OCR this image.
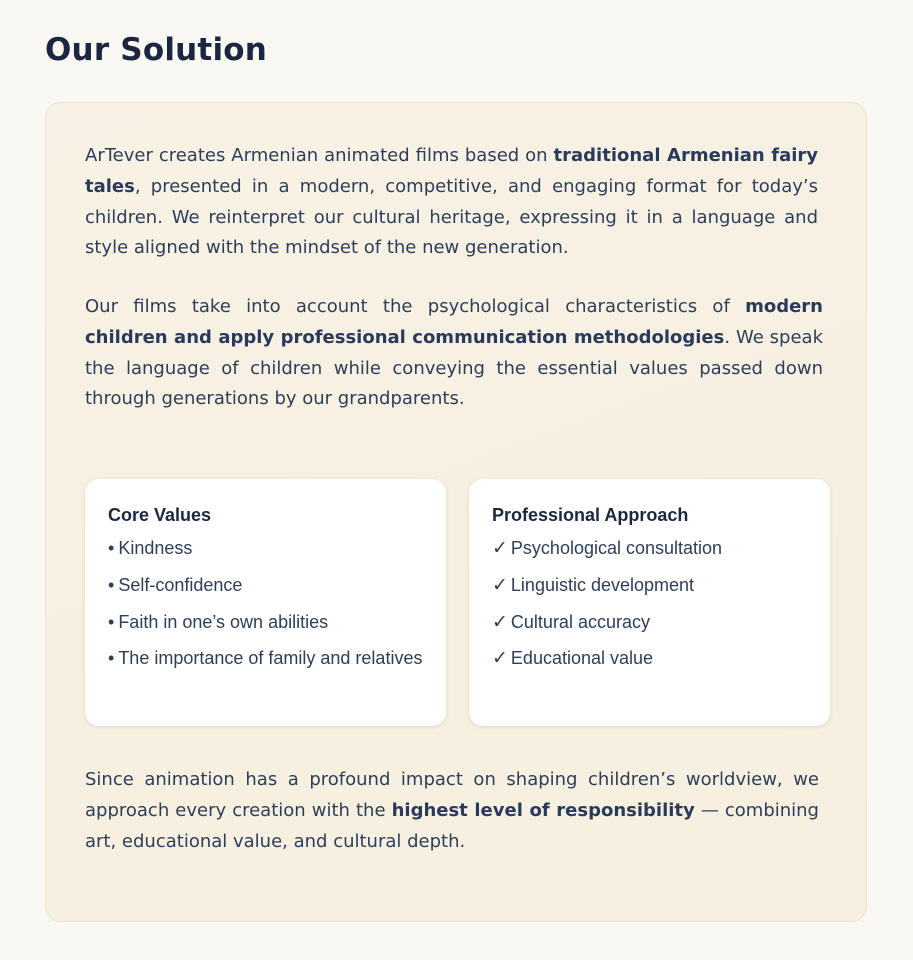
Our Solution

ArTever creates Armenian animated films based on traditional Armenian fairy tales, presented in a modern, competitive, and engaging format for today’s children. We reinterpret our cultural heritage, expressing it in a language and style aligned with the mindset of the new generation.

Our films take into account the psychological characteristics of modern children and apply professional communication methodologies. We speak the language of children while conveying the essential values passed down through generations by our grandparents.

Core Values
• Kindness
• Self-confidence
• Faith in one’s own abilities
• The importance of family and relatives
Professional Approach
✓ Psychological consultation
✓ Linguistic development
✓ Cultural accuracy
✓ Educational value

Since animation has a profound impact on shaping children’s worldview, we approach every creation with the highest level of responsibility — combining art, educational value, and cultural depth.
